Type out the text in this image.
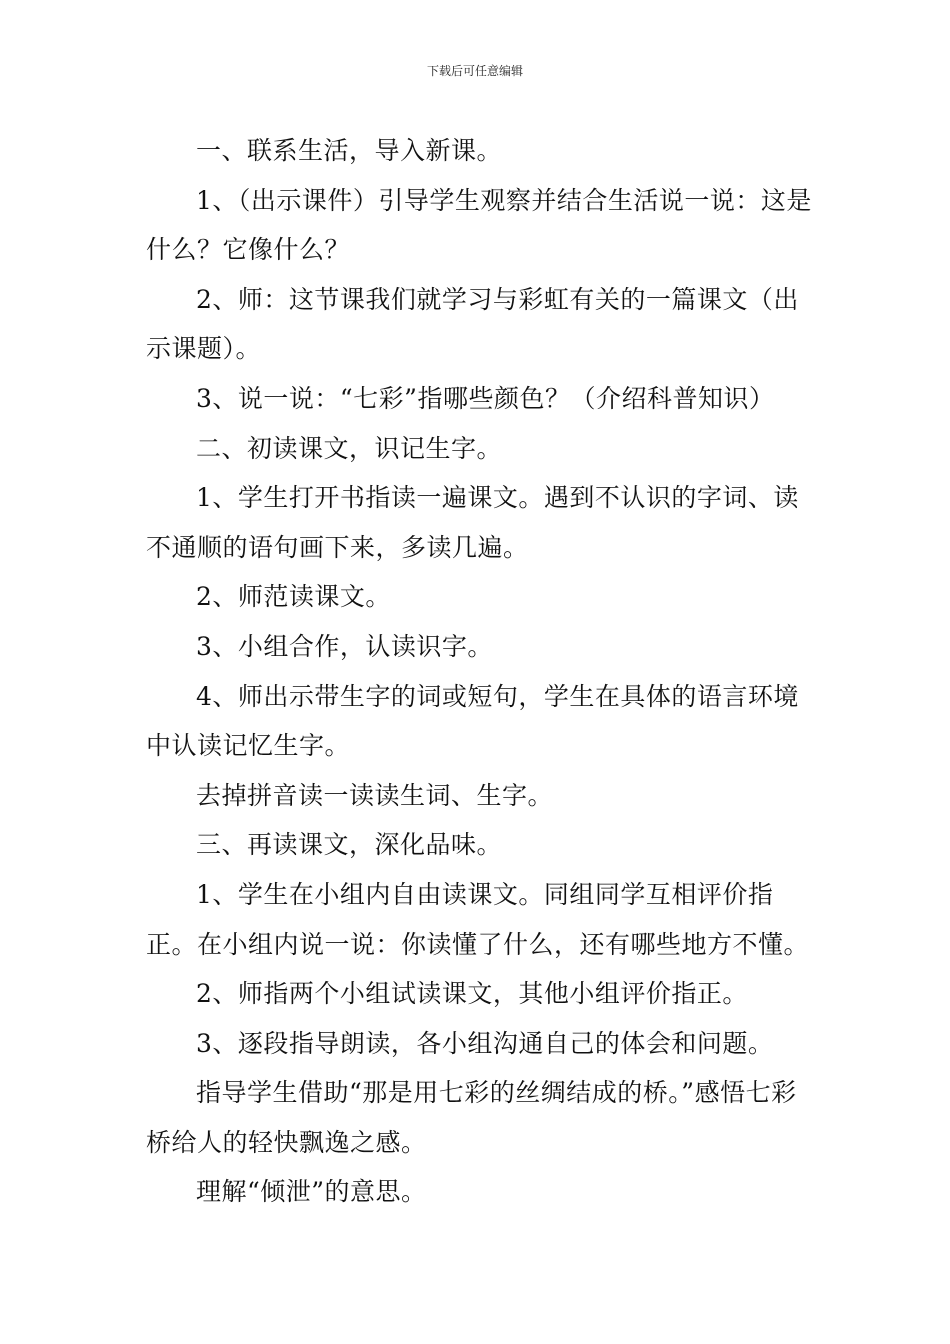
下载后可任意编辑

一、联系生活，导入新课。

1、（出示课件）引导学生观察并结合生活说一说：这是什么？它像什么？

2、师：这节课我们就学习与彩虹有关的一篇课文（出示课题）。

3、说一说：“七彩”指哪些颜色？（介绍科普知识）

二、初读课文，识记生字。

1、学生打开书指读一遍课文。遇到不认识的字词、读不通顺的语句画下来，多读几遍。

2、师范读课文。

3、小组合作，认读识字。

4、师出示带生字的词或短句，学生在具体的语言环境中认读记忆生字。

去掉拼音读一读读生词、生字。

三、再读课文，深化品味。

1、学生在小组内自由读课文。同组同学互相评价指正。在小组内说一说：你读懂了什么，还有哪些地方不懂。

2、师指两个小组试读课文，其他小组评价指正。

3、逐段指导朗读，各小组沟通自己的体会和问题。

指导学生借助“那是用七彩的丝绸结成的桥。”感悟七彩桥给人的轻快飘逸之感。

理解“倾泄”的意思。
